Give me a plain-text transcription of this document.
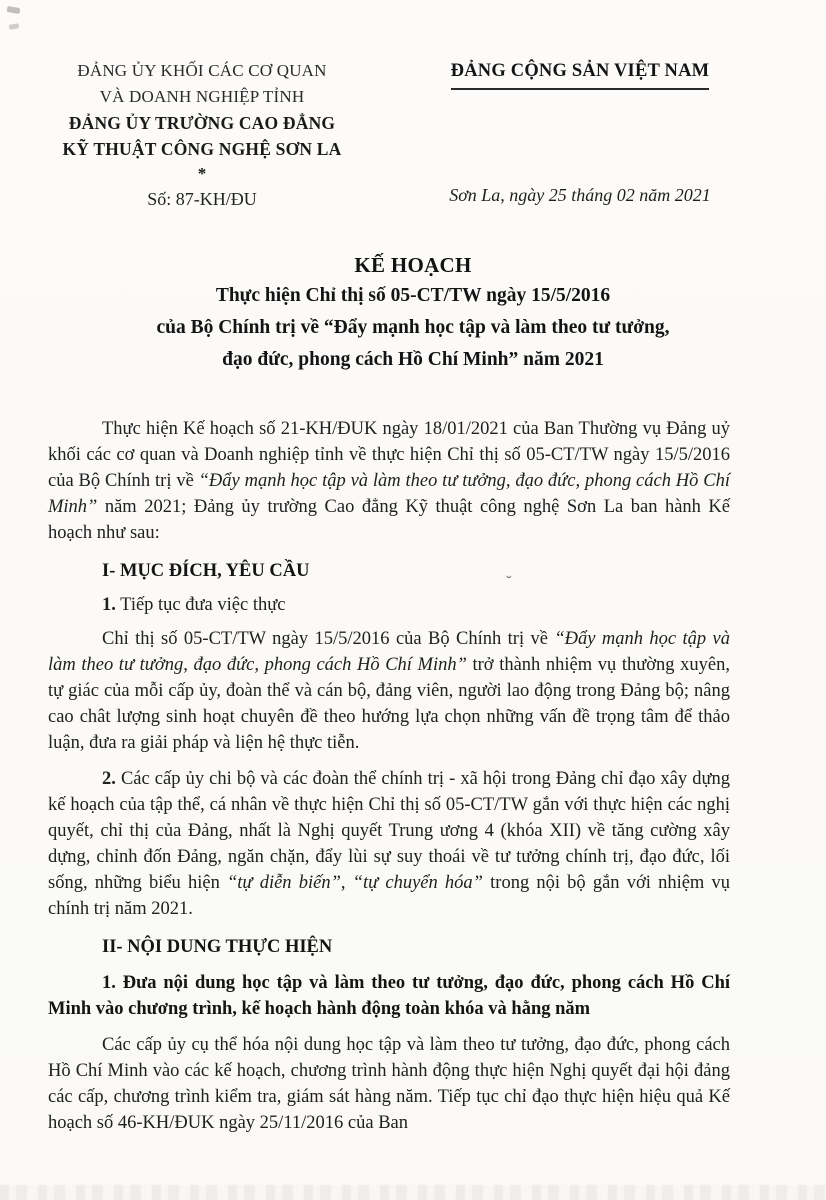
˘
ĐẢNG ỦY KHỐI CÁC CƠ QUAN
VÀ DOANH NGHIỆP TỈNH
ĐẢNG ỦY TRƯỜNG CAO ĐẲNG
KỸ THUẬT CÔNG NGHỆ SƠN LA
*
Số: 87-KH/ĐU
ĐẢNG CỘNG SẢN VIỆT NAM
Sơn La, ngày 25 tháng 02 năm 2021
KẾ HOẠCH
Thực hiện Chỉ thị số 05-CT/TW ngày 15/5/2016
của Bộ Chính trị về “Đẩy mạnh học tập và làm theo tư tưởng,
đạo đức, phong cách Hồ Chí Minh” năm 2021

Thực hiện Kế hoạch số 21-KH/ĐUK ngày 18/01/2021 của Ban Thường vụ Đảng uỷ khối các cơ quan và Doanh nghiệp tỉnh về thực hiện Chỉ thị số 05-CT/TW ngày 15/5/2016 của Bộ Chính trị về “Đẩy mạnh học tập và làm theo tư tưởng, đạo đức, phong cách Hồ Chí Minh” năm 2021; Đảng ủy trường Cao đẳng Kỹ thuật công nghệ Sơn La ban hành Kế hoạch như sau:

I- MỤC ĐÍCH, YÊU CẦU

1. Tiếp tục đưa việc thực

Chỉ thị số 05-CT/TW ngày 15/5/2016 của Bộ Chính trị về “Đẩy mạnh học tập và làm theo tư tưởng, đạo đức, phong cách Hồ Chí Minh” trở thành nhiệm vụ thường xuyên, tự giác của mỗi cấp ủy, đoàn thể và cán bộ, đảng viên, người lao động trong Đảng bộ; nâng cao chât lượng sinh hoạt chuyên đề theo hướng lựa chọn những vấn đề trọng tâm để thảo luận, đưa ra giải pháp và liện hệ thực tiễn.

2. Các cấp ủy chi bộ và các đoàn thể chính trị - xã hội trong Đảng chỉ đạo xây dựng kế hoạch của tập thể, cá nhân về thực hiện Chỉ thị số 05-CT/TW gắn với thực hiện các nghị quyết, chỉ thị của Đảng, nhất là Nghị quyết Trung ương 4 (khóa XII) về tăng cường xây dựng, chỉnh đốn Đảng, ngăn chặn, đẩy lùi sự suy thoái về tư tưởng chính trị, đạo đức, lối sống, những biểu hiện “tự diễn biến”, “tự chuyển hóa” trong nội bộ gắn với nhiệm vụ chính trị năm 2021.

II- NỘI DUNG THỰC HIỆN

1. Đưa nội dung học tập và làm theo tư tưởng, đạo đức, phong cách Hồ Chí Minh vào chương trình, kế hoạch hành động toàn khóa và hằng năm

Các cấp ủy cụ thể hóa nội dung học tập và làm theo tư tưởng, đạo đức, phong cách Hồ Chí Minh vào các kế hoạch, chương trình hành động thực hiện Nghị quyết đại hội đảng các cấp, chương trình kiểm tra, giám sát hàng năm. Tiếp tục chỉ đạo thực hiện hiệu quả Kế hoạch số 46-KH/ĐUK ngày 25/11/2016 của Ban
